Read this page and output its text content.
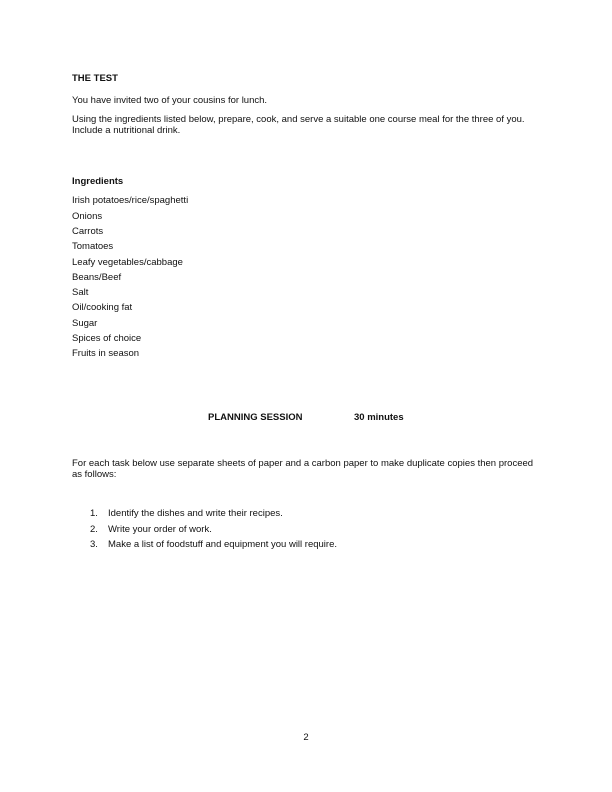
THE TEST

You have invited two of your cousins for lunch.

Using the ingredients listed below, prepare, cook, and serve a suitable one course meal for the three of you. Include a nutritional drink.

Ingredients

Irish potatoes/rice/spaghetti
Onions
Carrots
Tomatoes
Leafy vegetables/cabbage
Beans/Beef
Salt
Oil/cooking fat
Sugar
Spices of choice
Fruits in season
PLANNING SESSION	30 minutes

For each task below use separate sheets of paper and a carbon paper to make duplicate copies then proceed as follows:

1. Identify the dishes and write their recipes.
2. Write your order of work.
3. Make a list of foodstuff and equipment you will require.
2
